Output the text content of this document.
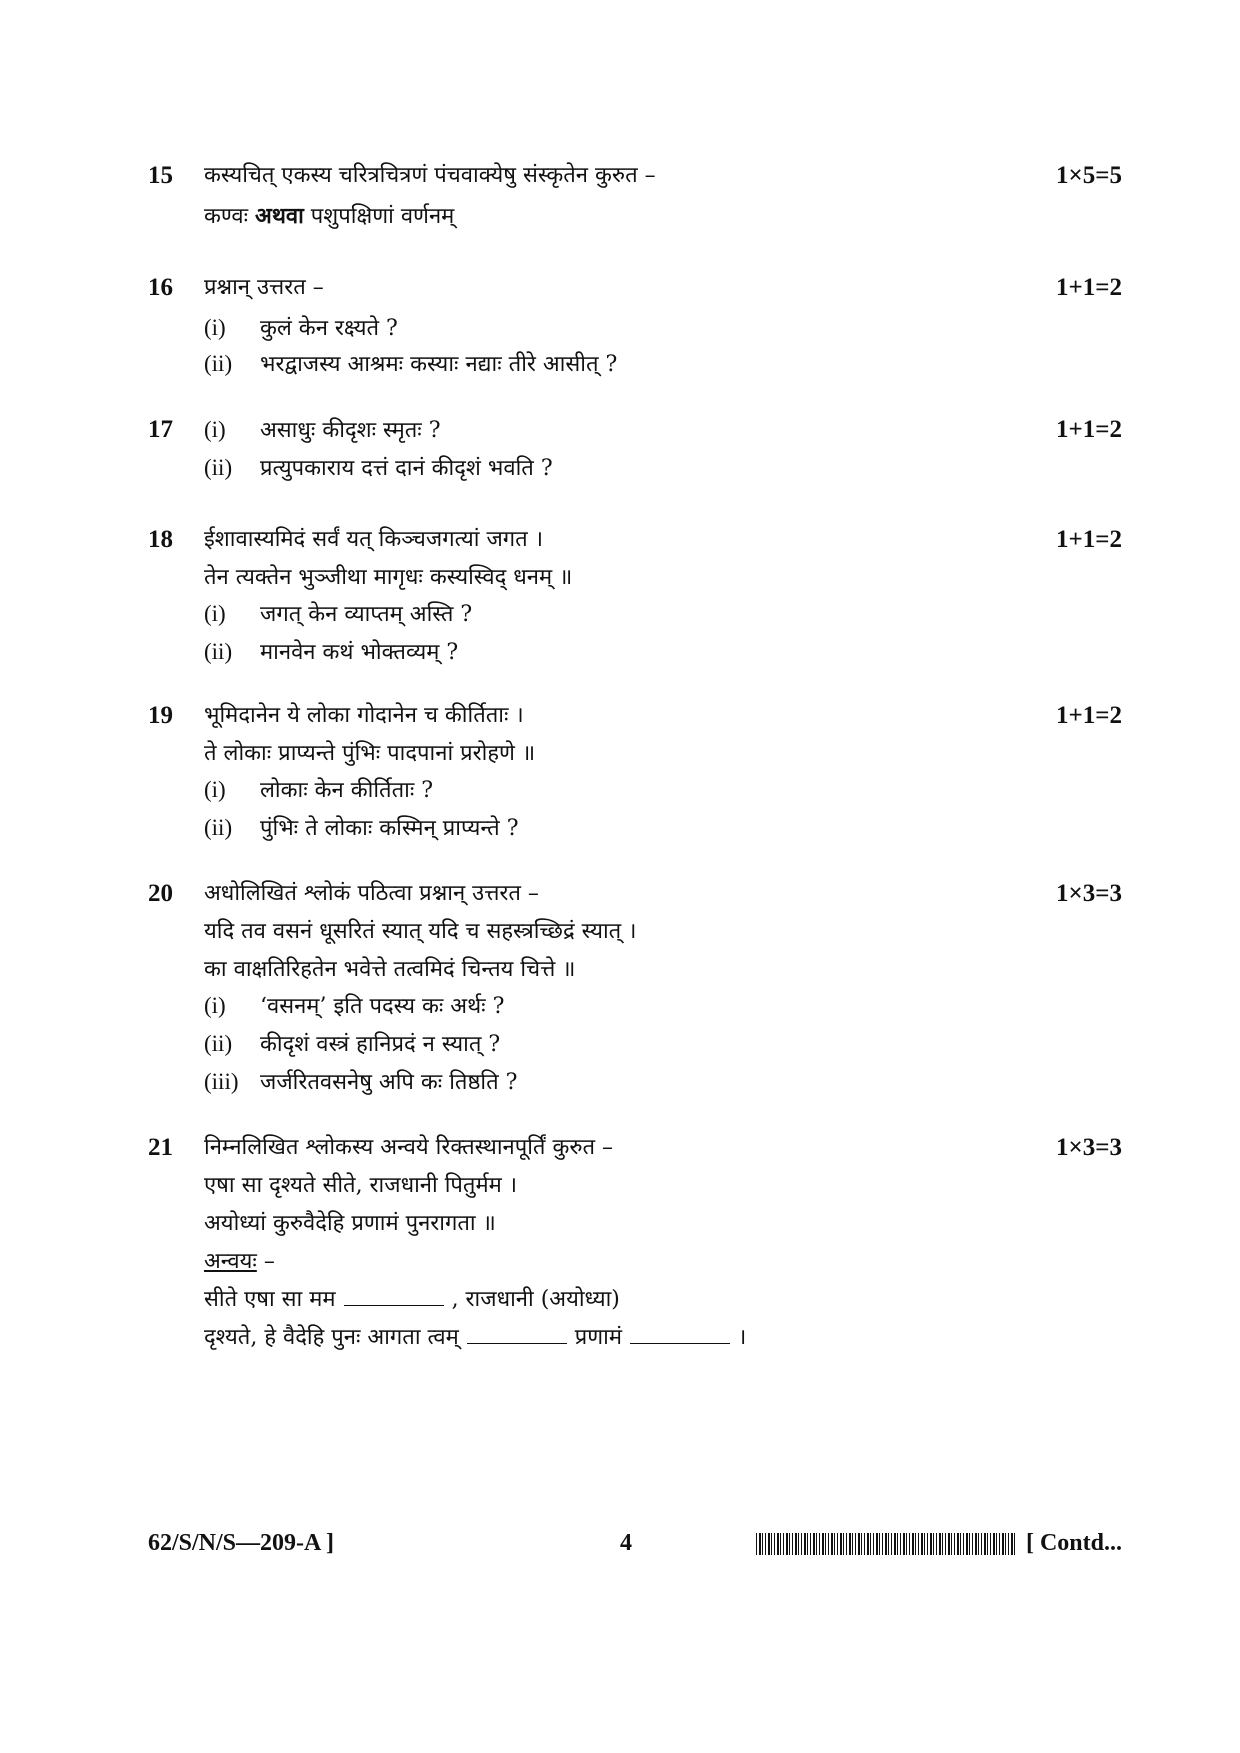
15	1×5=5
कस्यचित् एकस्य चरित्रचित्रणं पंचवाक्येषु संस्कृतेन कुरुत –
कण्वः अथवा पशुपक्षिणां वर्णनम्
16	1+1=2
प्रश्नान् उत्तरत –
(i) कुलं केन रक्ष्यते ?
(ii) भरद्वाजस्य आश्रमः कस्याः नद्याः तीरे आसीत् ?
17	1+1=2
(i) असाधुः कीदृशः स्मृतः ?
(ii) प्रत्युपकाराय दत्तं दानं कीदृशं भवति ?
18	1+1=2
ईशावास्यमिदं सर्वं यत् किञ्चजगत्यां जगत ।
तेन त्यक्तेन भुञ्जीथा मागृधः कस्यस्विद् धनम् ॥
(i) जगत् केन व्याप्तम् अस्ति ?
(ii) मानवेन कथं भोक्तव्यम् ?
19	1+1=2
भूमिदानेन ये लोका गोदानेन च कीर्तिताः ।
ते लोकाः प्राप्यन्ते पुंभिः पादपानां प्ररोहणे ॥
(i) लोकाः केन कीर्तिताः ?
(ii) पुंभिः ते लोकाः कस्मिन् प्राप्यन्ते ?
20	1×3=3
अधोलिखितं श्लोकं पठित्वा प्रश्नान् उत्तरत –
यदि तव वसनं धूसरितं स्यात् यदि च सहस्त्रच्छिद्रं स्यात् ।
का वाक्षतिरिहतेन भवेत्ते तत्वमिदं चिन्तय चित्ते ॥
(i) ‘वसनम्’ इति पदस्य कः अर्थः ?
(ii) कीदृशं वस्त्रं हानिप्रदं न स्यात् ?
(iii) जर्जरितवसनेषु अपि कः तिष्ठति ?
21	1×3=3
निम्नलिखित श्लोकस्य अन्वये रिक्तस्थानपूर्तिं कुरुत –
एषा सा दृश्यते सीते, राजधानी पितुर्मम ।
अयोध्यां कुरुवैदेहि प्रणामं पुनरागता ॥
अन्वयः –
सीते एषा सा मम	, राजधानी (अयोध्या)
दृश्यते, हे वैदेहि पुनः आगता त्वम्	प्रणामं	।
62/S/N/S—209-A ]	4	[ Contd...
